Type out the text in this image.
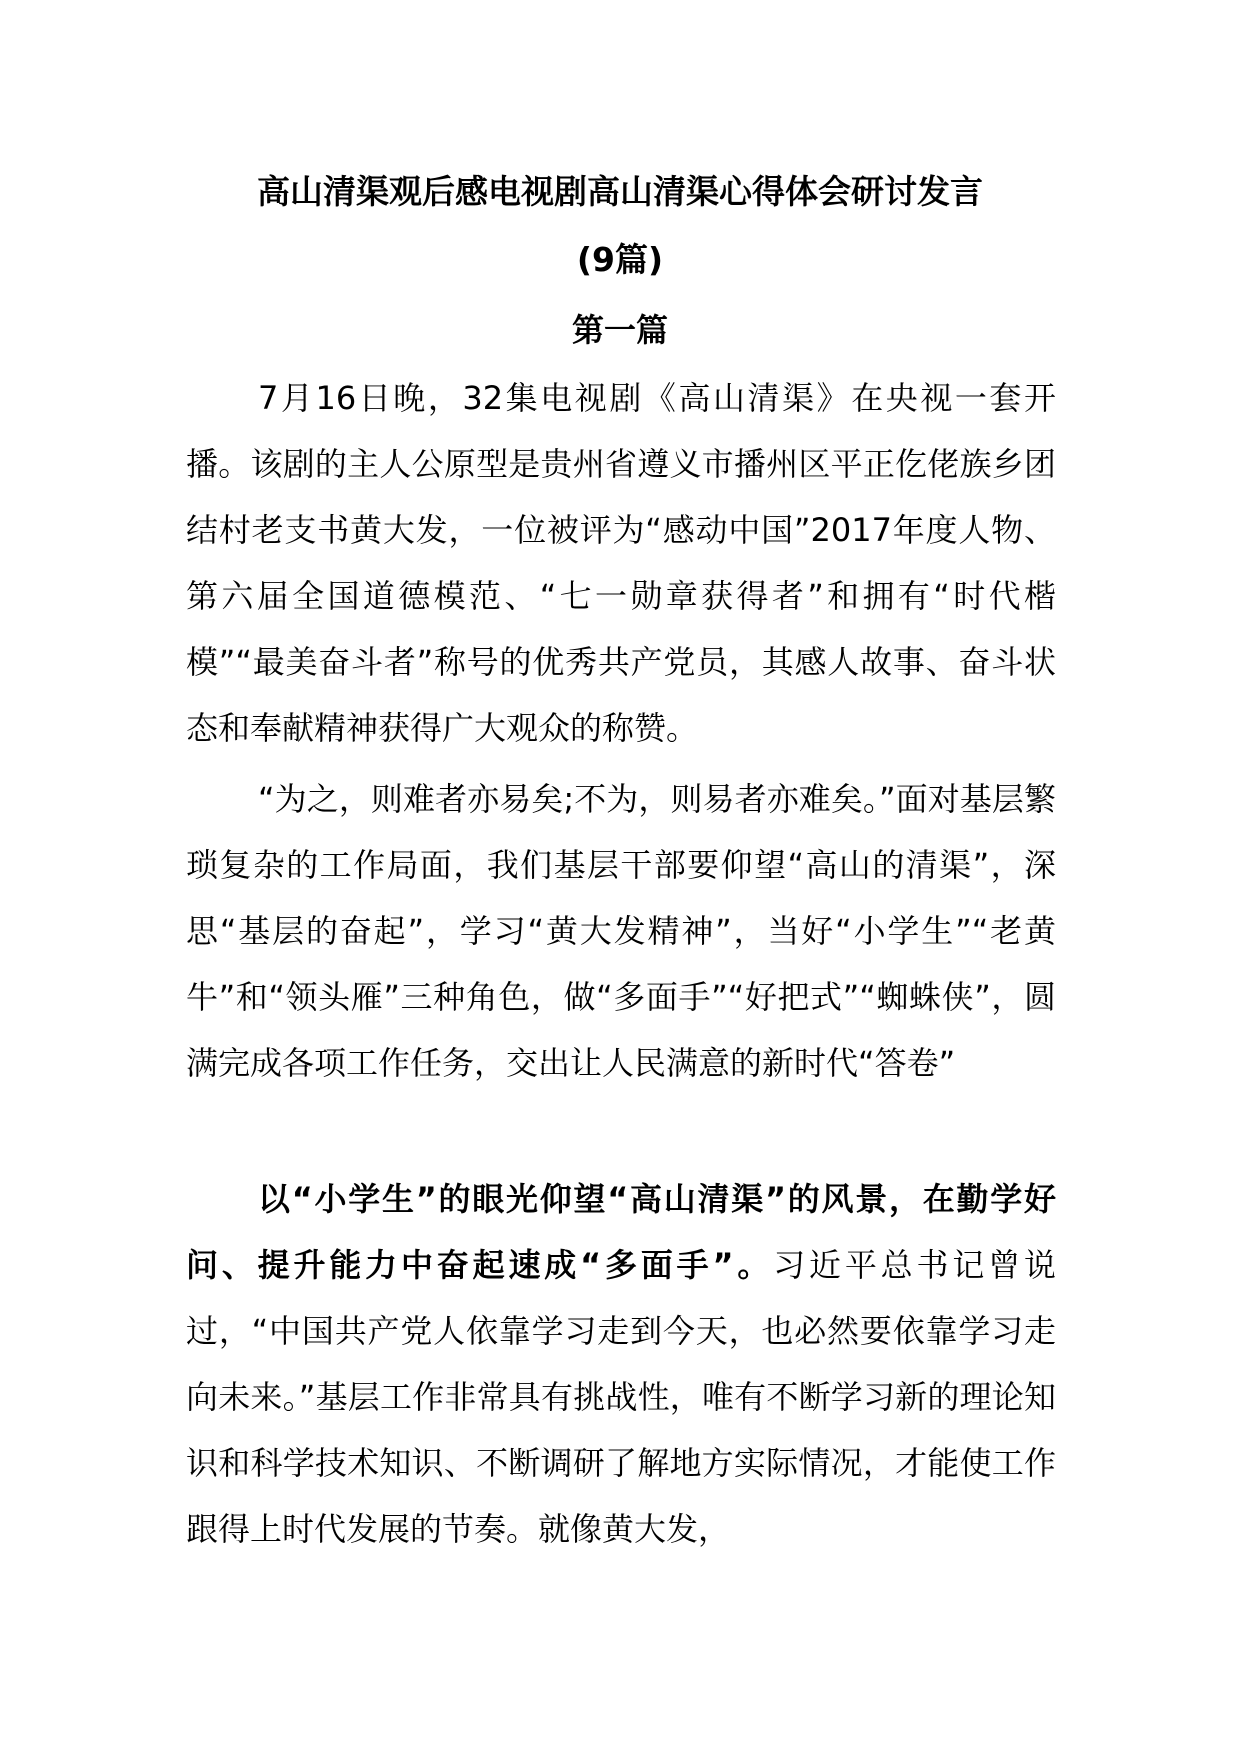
高山清渠观后感电视剧高山清渠心得体会研讨发言
(9篇)
第一篇

7月16日晚，32集电视剧《高山清渠》在央视一套开播。该剧的主人公原型是贵州省遵义市播州区平正仡佬族乡团结村老支书黄大发，一位被评为“感动中国”2017年度人物、第六届全国道德模范、“七一勋章获得者”和拥有“时代楷模”“最美奋斗者”称号的优秀共产党员，其感人故事、奋斗状态和奉献精神获得广大观众的称赞。

“为之，则难者亦易矣;不为，则易者亦难矣。”面对基层繁琐复杂的工作局面，我们基层干部要仰望“高山的清渠”，深思“基层的奋起”，学习“黄大发精神”，当好“小学生”“老黄牛”和“领头雁”三种角色，做“多面手”“好把式”“蜘蛛侠”，圆满完成各项工作任务，交出让人民满意的新时代“答卷”

以“小学生”的眼光仰望“高山清渠”的风景，在勤学好问、提升能力中奋起速成“多面手”。习近平总书记曾说过，“中国共产党人依靠学习走到今天，也必然要依靠学习走向未来。”基层工作非常具有挑战性，唯有不断学习新的理论知识和科学技术知识、不断调研了解地方实际情况，才能使工作跟得上时代发展的节奏。就像黄大发，
